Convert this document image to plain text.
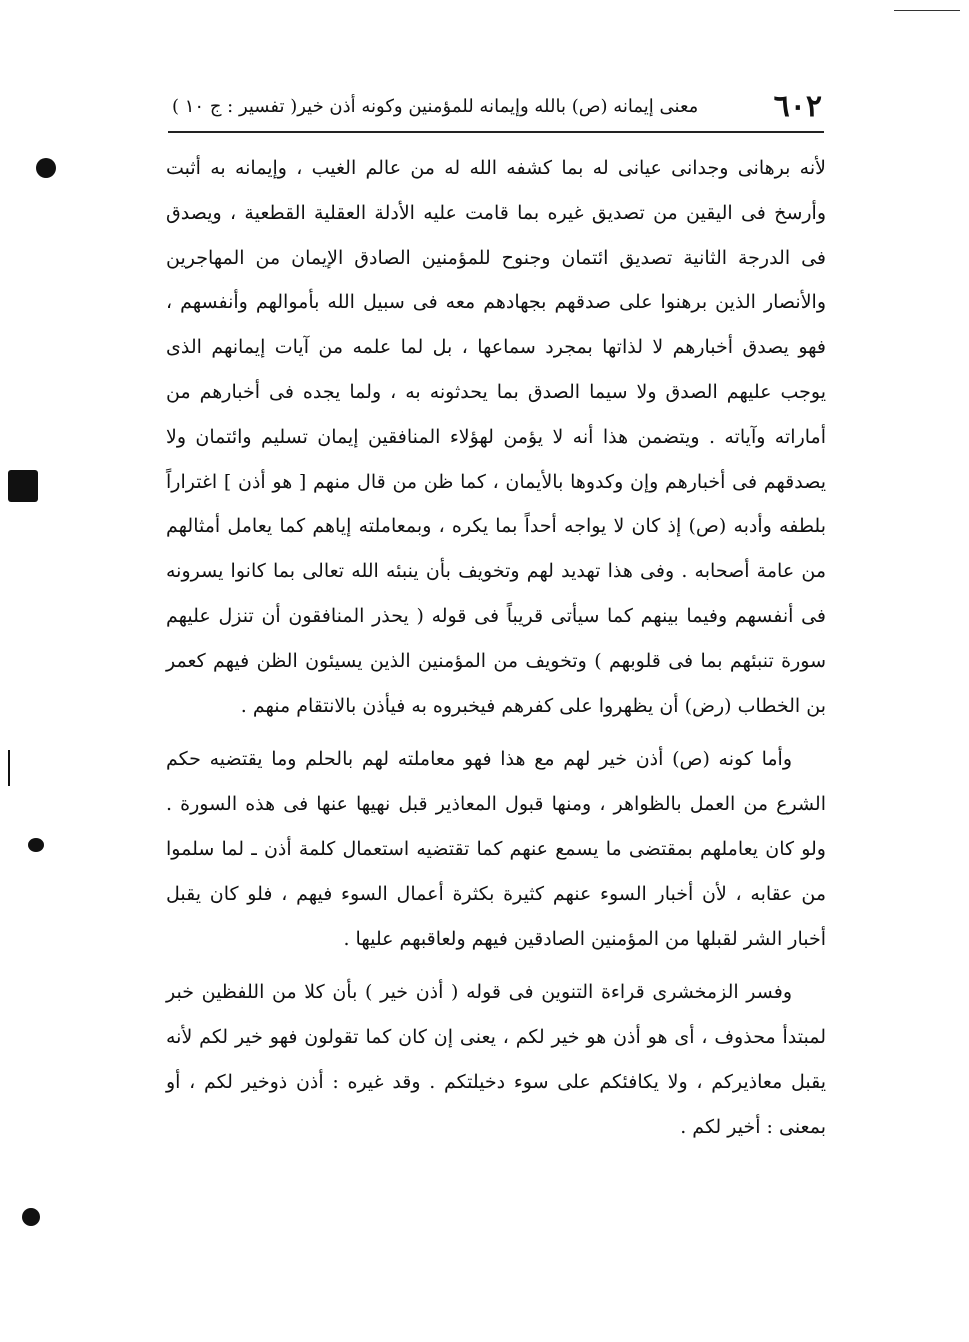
٦٠٢
معنى إيمانه (ص) بالله وإيمانه للمؤمنين وكونه أذن خير( تفسير : ج ١٠ )

لأنه برهانى وجدانى عيانى له بما كشفه الله له من عالم الغيب ، وإيمانه به أثبت وأرسخ فى اليقين من تصديق غيره بما قامت عليه الأدلة العقلية القطعية ، ويصدق فى الدرجة الثانية تصديق ائتمان وجنوح للمؤمنين الصادق الإيمان من المهاجرين والأنصار الذين برهنوا على صدقهم بجهادهم معه فى سبيل الله بأموالهم وأنفسهم ، فهو يصدق أخبارهم لا لذاتها بمجرد سماعها ، بل لما علمه من آيات إيمانهم الذى يوجب عليهم الصدق ولا سيما الصدق بما يحدثونه به ، ولما يجده فى أخبارهم من أماراته وآياته . ويتضمن هذا أنه لا يؤمن لهؤلاء المنافقين إيمان تسليم وائتمان ولا يصدقهم فى أخبارهم وإن وكدوها بالأيمان ، كما ظن من قال منهم [ هو أذن ] اغتراراً بلطفه وأدبه (ص) إذ كان لا يواجه أحداً بما يكره ، وبمعاملته إياهم كما يعامل أمثالهم من عامة أصحابه . وفى هذا تهديد لهم وتخويف بأن ينبئه الله تعالى بما كانوا يسرونه فى أنفسهم وفيما بينهم كما سيأتى قريباً فى قوله ( يحذر المنافقون أن تنزل عليهم سورة تنبئهم بما فى قلوبهم ) وتخويف من المؤمنين الذين يسيئون الظن فيهم كعمر بن الخطاب (رض) أن يظهروا على كفرهم فيخبروه به فيأذن بالانتقام منهم .

وأما كونه (ص) أذن خير لهم مع هذا فهو معاملته لهم بالحلم وما يقتضيه حكم الشرع من العمل بالظواهر ، ومنها قبول المعاذير قبل نهيها عنها فى هذه السورة . ولو كان يعاملهم بمقتضى ما يسمع عنهم كما تقتضيه استعمال كلمة أذن ـ لما سلموا من عقابه ، لأن أخبار السوء عنهم كثيرة بكثرة أعمال السوء فيهم ، فلو كان يقبل أخبار الشر لقبلها من المؤمنين الصادقين فيهم ولعاقبهم عليها .

وفسر الزمخشرى قراءة التنوين فى قوله ( أذن خير ) بأن كلا من اللفظين خبر لمبتدأ محذوف ، أى هو أذن هو خير لكم ، يعنى إن كان كما تقولون فهو خير لكم لأنه يقبل معاذيركم ، ولا يكافئكم على سوء دخيلتكم . وقد غيره : أذن ذوخير لكم ، أو بمعنى : أخير لكم .
